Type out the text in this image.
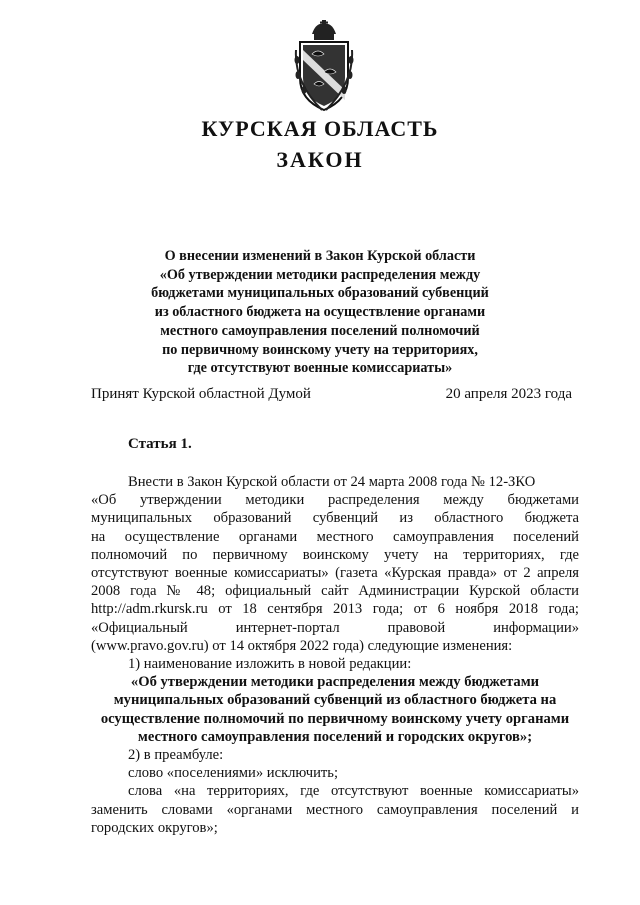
КУРСКАЯ ОБЛАСТЬ
ЗАКОН
О внесении изменений в Закон Курской области
«Об утверждении методики распределения между
бюджетами муниципальных образований субвенций
из областного бюджета на осуществление органами
местного самоуправления поселений полномочий
по первичному воинскому учету на территориях,
где отсутствуют военные комиссариаты»
Принят Курской областной Думой	20 апреля 2023 года
Статья 1.
Внести в Закон Курской области от 24 марта 2008 года № 12-ЗКО
«Об утверждении методики распределения между бюджетами
муниципальных образований субвенций из областного бюджета
на осуществление органами местного самоуправления поселений
полномочий по первичному воинскому учету на территориях, где
отсутствуют военные комиссариаты» (газета «Курская правда» от 2 апреля
2008 года № 48; официальный сайт Администрации Курской области
http://adm.rkursk.ru от 18 сентября 2013 года; от 6 ноября 2018 года;
«Официальный интернет-портал правовой информации»
(www.pravo.gov.ru) от 14 октября 2022 года) следующие изменения:
1) наименование изложить в новой редакции:
«Об утверждении методики распределения между бюджетами
муниципальных образований субвенций из областного бюджета на
осуществление полномочий по первичному воинскому учету органами
местного самоуправления поселений и городских округов»;
2) в преамбуле:
слово «поселениями» исключить;
слова «на территориях, где отсутствуют военные комиссариаты»
заменить словами «органами местного самоуправления поселений и
городских округов»;
